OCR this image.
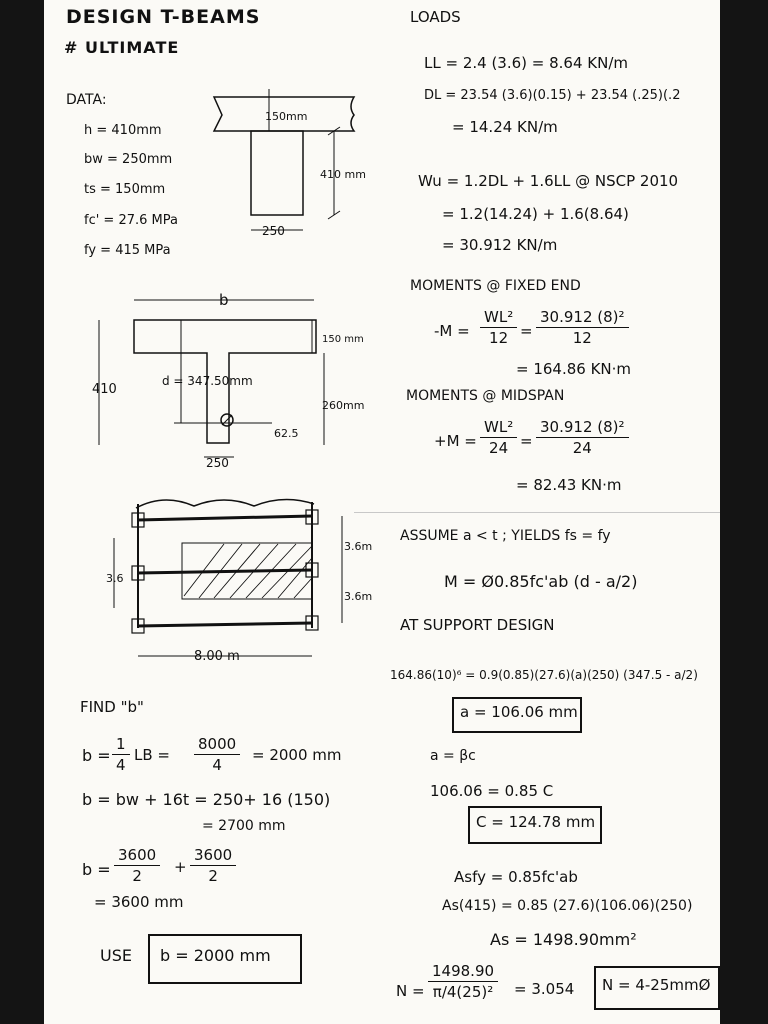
DESIGN T-BEAMS
# ULTIMATE
DATA:
h = 410mm
bw = 250mm
ts = 150mm
fc' = 27.6 MPa
fy = 415 MPa
150mm
410 mm
250
b
410
d = 347.50mm
150 mm
260mm
62.5
250
3.6m
3.6m
3.6
8.00 m
FIND "b"
$b = \frac{1}{4}$ LB = $\frac{8000}{4} = 2000$ mm
b = bw + 16t = 250+ 16 (150)
= 2700 mm
$b = \frac{3600}{2} + \frac{3600}{2}$
= 3600 mm
USE b = 2000 mm
LOADS
LL = 2.4 (3.6) = 8.64 KN/m
DL = 23.54 (3.6)(0.15) + 23.54 (.25)(.2
= 14.24 KN/m
Wu = 1.2DL + 1.6LL @ NSCP 2010
= 1.2(14.24) + 1.6(8.64)
= 30.912 KN/m
MOMENTS @ FIXED END
$-M = \frac{\text{WL²}}{12} = \frac{\text{30.912 (8)²}}{12}$
= 164.86 KN·m
MOMENTS @ MIDSPAN
$+M = \frac{\text{WL²}}{24} = \frac{\text{30.912 (8)²}}{24}$
= 82.43 KN·m
ASSUME a < t ; YIELDS fs = fy
M = Ø0.85fc'ab (d - a/2)
AT SUPPORT DESIGN
164.86(10)⁶ = 0.9(0.85)(27.6)(a)(250) (347.5 - a/2)
a = 106.06 mm
a = βc
106.06 = 0.85 C
C = 124.78 mm
Asfy = 0.85fc'ab
As(415) = 0.85 (27.6)(106.06)(250)
As = 1498.90mm²
$N = \frac{1498.90}{\text{π/4(25)²}} = 3.054$ N = 4-25mmØ
